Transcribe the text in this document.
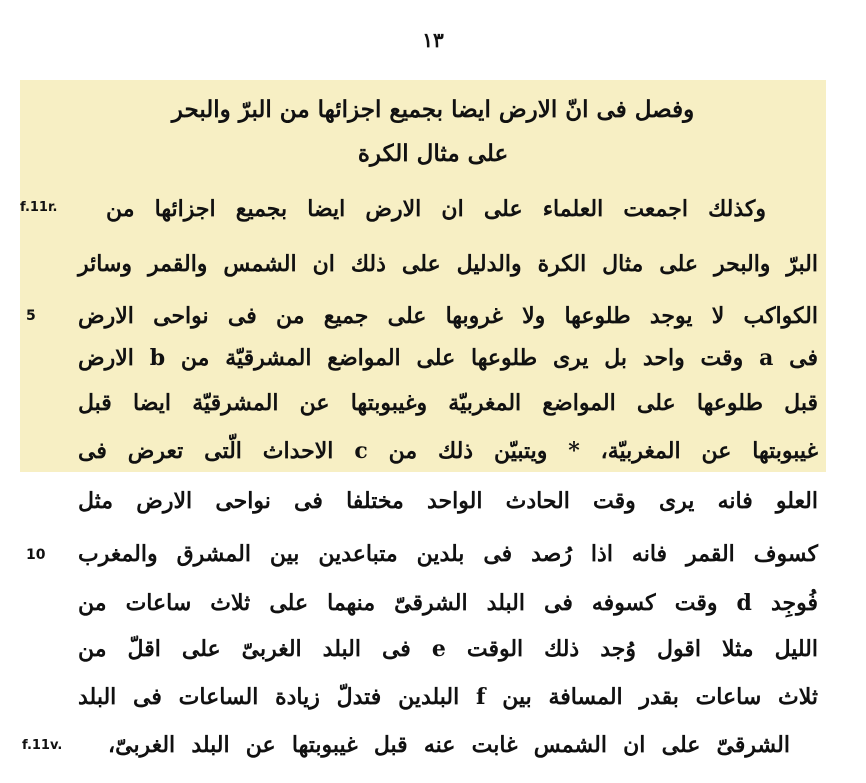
١٣
وفصل فى انّ الارض ايضا بجميع اجزائها من البرّ والبحر
على مثال الكرة
f.11r. وكذلك اجمعت العلماء على ان الارض ايضا بجميع اجزائها من
البرّ والبحر على مثال الكرة والدليل على ذلك ان الشمس والقمر وسائر
5 الكواكب لا يوجد طلوعها ولا غروبها على جميع من فى نواحى الارض
فى a وقت واحد بل يرى طلوعها على المواضع المشرقيّة من b الارض
قبل طلوعها على المواضع المغربيّة وغيبوبتها عن المشرقيّة ايضا قبل
غيبوبتها عن المغربيّة، * ويتبيّن ذلك من c الاحداث الّتى تعرض فى
العلو فانه يرى وقت الحادث الواحد مختلفا فى نواحى الارض مثل
10 كسوف القمر فانه اذا رُصد فى بلدين متباعدين بين المشرق والمغرب
فُوجِد d وقت كسوفه فى البلد الشرقىّ منهما على ثلاث ساعات من
الليل مثلا اقول وُجد ذلك الوقت e فى البلد الغربىّ على اقلّ من
ثلاث ساعات بقدر المسافة بين f البلدين فتدلّ زيادة الساعات فى البلد
f.11v. الشرقىّ على ان الشمس غابت عنه قبل غيبوبتها عن البلد الغربىّ،
